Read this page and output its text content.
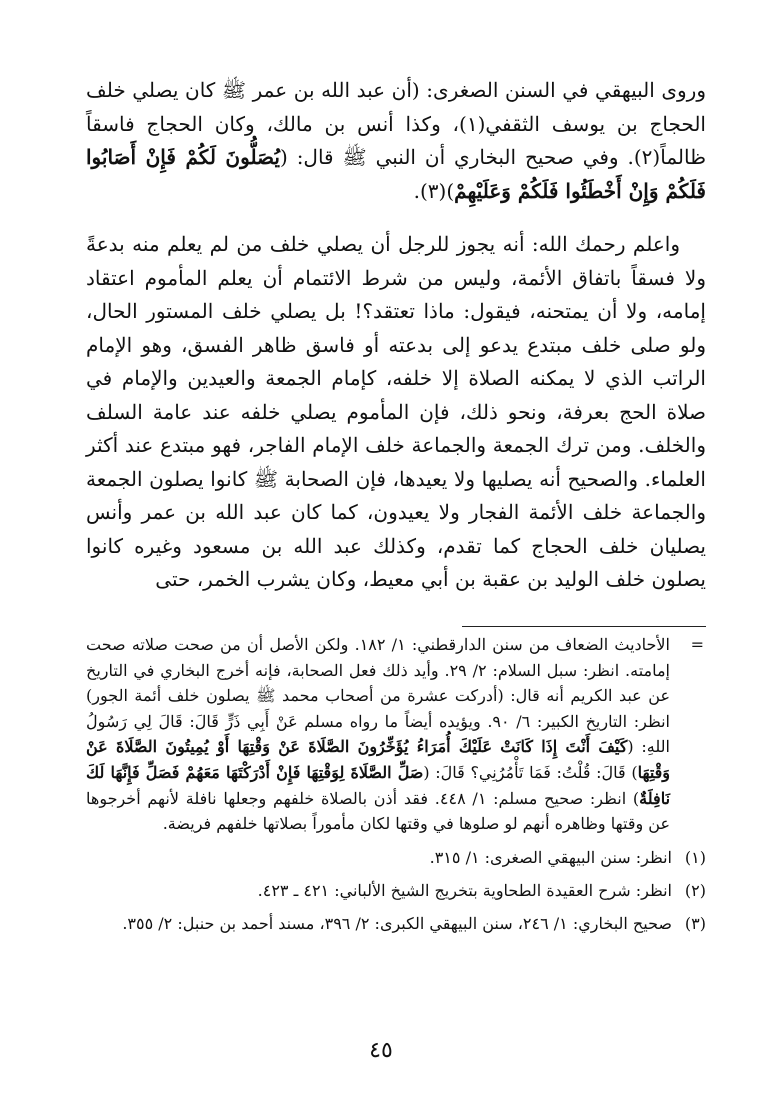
وروى البيهقي في السنن الصغرى: (أن عبد الله بن عمر ﷺ كان يصلي خلف الحجاج بن يوسف الثقفي(١)، وكذا أنس بن مالك، وكان الحجاج فاسقاً ظالماً(٢). وفي صحيح البخاري أن النبي ﷺ قال: (يُصَلُّونَ لَكُمْ فَإِنْ أَصَابُوا فَلَكُمْ وَإِنْ أَخْطَئُوا فَلَكُمْ وَعَلَيْهِمْ)(٣).

واعلم رحمك الله: أنه يجوز للرجل أن يصلي خلف من لم يعلم منه بدعةً ولا فسقاً باتفاق الأئمة، وليس من شرط الائتمام أن يعلم المأموم اعتقاد إمامه، ولا أن يمتحنه، فيقول: ماذا تعتقد؟! بل يصلي خلف المستور الحال، ولو صلى خلف مبتدع يدعو إلى بدعته أو فاسق ظاهر الفسق، وهو الإمام الراتب الذي لا يمكنه الصلاة إلا خلفه، كإمام الجمعة والعيدين والإمام في صلاة الحج بعرفة، ونحو ذلك، فإن المأموم يصلي خلفه عند عامة السلف والخلف. ومن ترك الجمعة والجماعة خلف الإمام الفاجر، فهو مبتدع عند أكثر العلماء. والصحيح أنه يصليها ولا يعيدها، فإن الصحابة ﷺ كانوا يصلون الجمعة والجماعة خلف الأئمة الفجار ولا يعيدون، كما كان عبد الله بن عمر وأنس يصليان خلف الحجاج كما تقدم، وكذلك عبد الله بن مسعود وغيره كانوا يصلون خلف الوليد بن عقبة بن أبي معيط، وكان يشرب الخمر، حتى

=
الأحاديث الضعاف من سنن الدارقطني: ١/ ١٨٢. ولكن الأصل أن من صحت صلاته صحت إمامته. انظر: سبل السلام: ٢/ ٢٩. وأيد ذلك فعل الصحابة، فإنه أخرج البخاري في التاريخ عن عبد الكريم أنه قال: (أدركت عشرة من أصحاب محمد ﷺ يصلون خلف أئمة الجور) انظر: التاريخ الكبير: ٦/ ٩٠. ويؤيده أيضاً ما رواه مسلم عَنْ أَبِي ذَرٍّ قَالَ: قَالَ لِي رَسُولُ اللهِ: (كَيْفَ أَنْتَ إِذَا كَانَتْ عَلَيْكَ أُمَرَاءُ يُؤَخِّرُونَ الصَّلَاةَ عَنْ وَقْتِهَا أَوْ يُمِيتُونَ الصَّلَاةَ عَنْ وَقْتِهَا) قَالَ: قُلْتُ: فَمَا تَأْمُرُنِي؟ قَالَ: (صَلِّ الصَّلَاةَ لِوَقْتِهَا فَإِنْ أَدْرَكْتَهَا مَعَهُمْ فَصَلِّ فَإِنَّهَا لَكَ نَافِلَةٌ) انظر: صحيح مسلم: ١/ ٤٤٨. فقد أذن بالصلاة خلفهم وجعلها نافلة لأنهم أخرجوها عن وقتها وظاهره أنهم لو صلوها في وقتها لكان مأموراً بصلاتها خلفهم فريضة.
(١)
انظر: سنن البيهقي الصغرى: ١/ ٣١٥.
(٢)
انظر: شرح العقيدة الطحاوية بتخريج الشيخ الألباني: ٤٢١ ـ ٤٢٣.
(٣)
صحيح البخاري: ١/ ٢٤٦، سنن البيهقي الكبرى: ٢/ ٣٩٦، مسند أحمد بن حنبل: ٢/ ٣٥٥.
٤٥
